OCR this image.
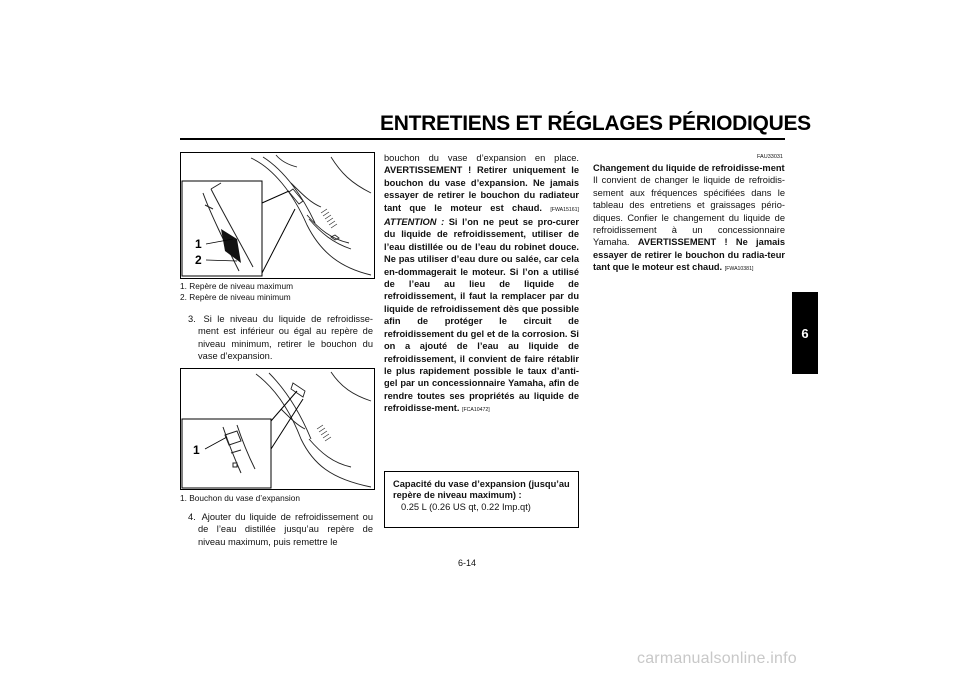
ENTRETIENS ET RÉGLAGES PÉRIODIQUES
6
1
2
1. Repère de niveau maximum
2. Repère de niveau minimum
3. Si le niveau du liquide de refroidisse-ment est inférieur ou égal au repère de niveau minimum, retirer le bouchon du vase d’expansion.
1
1. Bouchon du vase d’expansion
4. Ajouter du liquide de refroidissement ou de l’eau distillée jusqu’au repère de niveau maximum, puis remettre le
bouchon du vase d’expansion en place. AVERTISSEMENT ! Retirer uniquement le bouchon du vase d’expansion. Ne jamais essayer de retirer le bouchon du radiateur tant que le moteur est chaud. [FWA15161] ATTENTION : Si l’on ne peut se pro-curer du liquide de refroidissement, utiliser de l’eau distillée ou de l’eau du robinet douce. Ne pas utiliser d’eau dure ou salée, car cela en-dommagerait le moteur. Si l’on a utilisé de l’eau au lieu de liquide de refroidissement, il faut la remplacer par du liquide de refroidissement dès que possible afin de protéger le circuit de refroidissement du gel et de la corrosion. Si on a ajouté de l’eau au liquide de refroidissement, il convient de faire rétablir le plus rapidement possible le taux d’anti-gel par un concessionnaire Yamaha, afin de rendre toutes ses propriétés au liquide de refroidisse-ment. [FCA10472]
Capacité du vase d’expansion (jusqu’au repère de niveau maximum) :
0.25 L (0.26 US qt, 0.22 Imp.qt)
FAU33031
Changement du liquide de refroidisse-ment
Il convient de changer le liquide de refroidis-sement aux fréquences spécifiées dans le tableau des entretiens et graissages pério-diques. Confier le changement du liquide de refroidissement à un concessionnaire Yamaha. AVERTISSEMENT ! Ne jamais essayer de retirer le bouchon du radia-teur tant que le moteur est chaud. [FWA10381]
6-14
carmanualsonline.info
